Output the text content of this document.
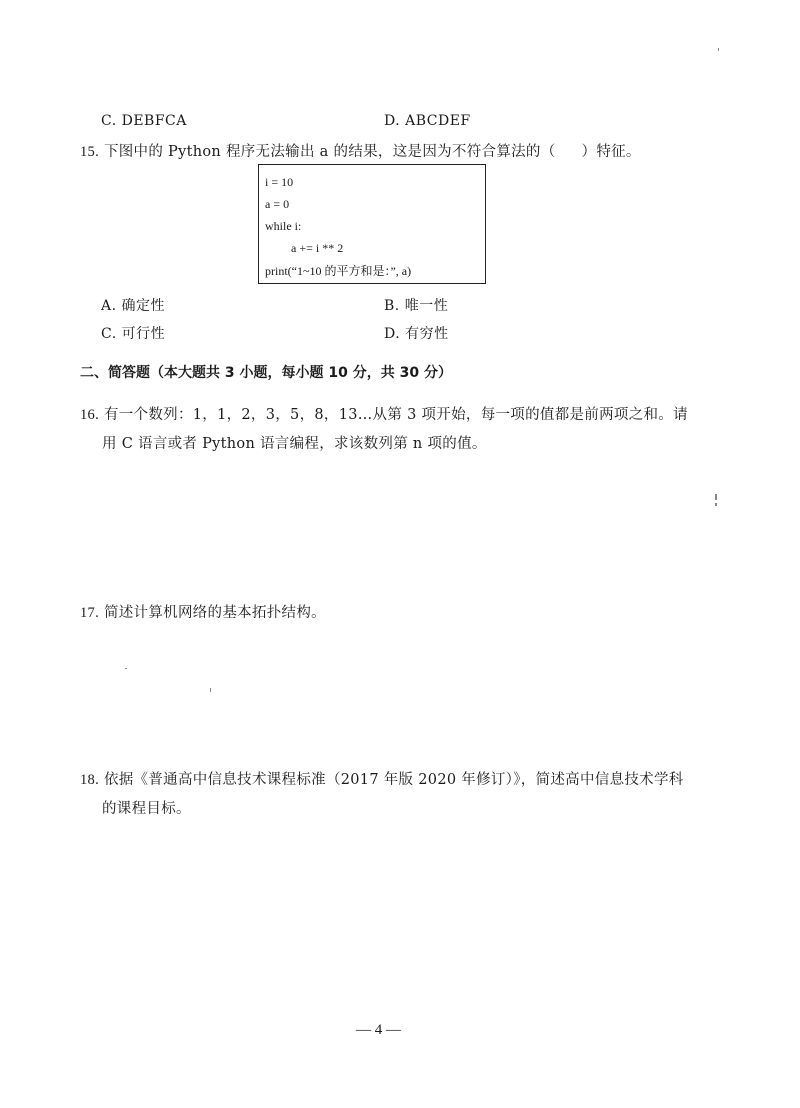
C. DEBFCA	D. ABCDEF
15. 下图中的 Python 程序无法输出 a 的结果，这是因为不符合算法的（ ）特征。
i = 10
a = 0
while i:
a += i ** 2
print(“1~10 的平方和是：”, a)
A. 确定性	B. 唯一性
C. 可行性	D. 有穷性
二、简答题（本大题共 3 小题，每小题 10 分，共 30 分）
16. 有一个数列：1，1，2，3，5，8，13…从第 3 项开始，每一项的值都是前两项之和。请
用 C 语言或者 Python 语言编程，求该数列第 n 项的值。
17. 简述计算机网络的基本拓扑结构。
18. 依据《普通高中信息技术课程标准（2017 年版 2020 年修订）》，简述高中信息技术学科
的课程目标。
— 4 —
